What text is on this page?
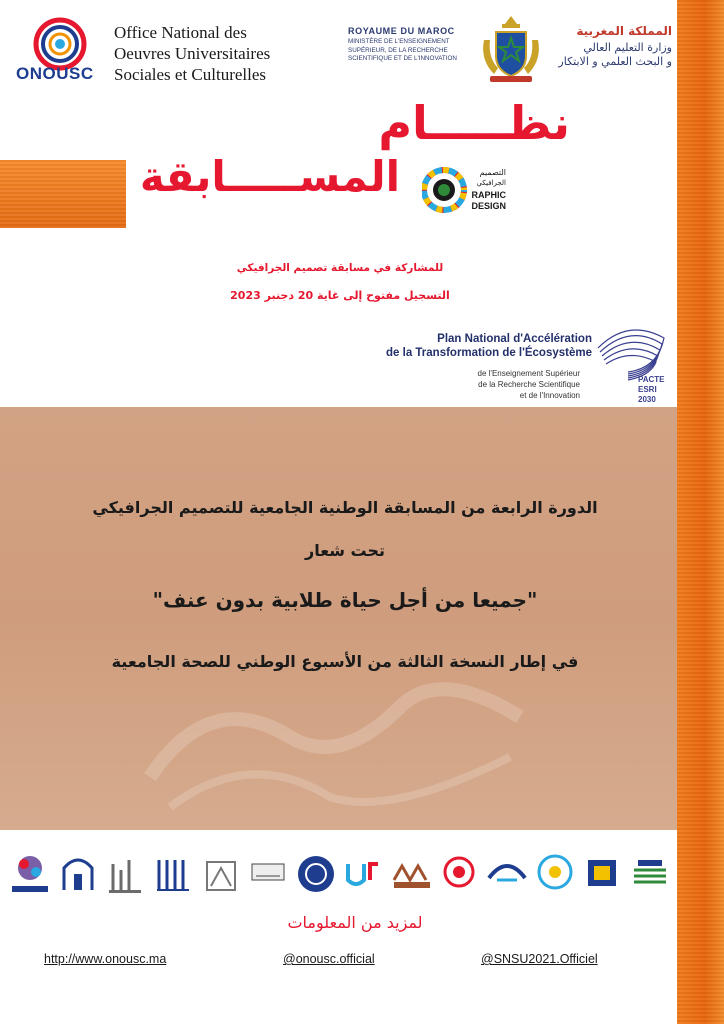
ONOUSC
Office National des
Oeuvres Universitaires
Sociales et Culturelles
ROYAUME DU MAROC
MINISTÈRE DE L'ENSEIGNEMENT
SUPÉRIEUR, DE LA RECHERCHE
SCIENTIFIQUE ET DE L'INNOVATION
المملكة المغربية
وزارة التعليم العالي
و البحث العلمي و الابتكار
نظـــــام
المســـــابقة	التصميم
الجرافيكي
RAPHIC
DESIGN
للمشاركة في مسابقة تصميم الجرافيكي
التسجيل مفتوح إلى غاية 20 دجنبر 2023
Plan National d'Accélération
de la Transformation de l'Écosystème
de l'Enseignement Supérieur
de la Recherche Scientifique
et de l'Innovation
PACTE
ESRI
2030
الدورة الرابعة من المسابقة الوطنية الجامعية للتصميم الجرافيكي
تحت شعار
"جميعا من أجل حياة طلابية بدون عنف"
في إطار النسخة الثالثة من الأسبوع الوطني للصحة الجامعية
لمزيد من المعلومات
http://www.onousc.ma	@onousc.official	@SNSU2021.Officiel
